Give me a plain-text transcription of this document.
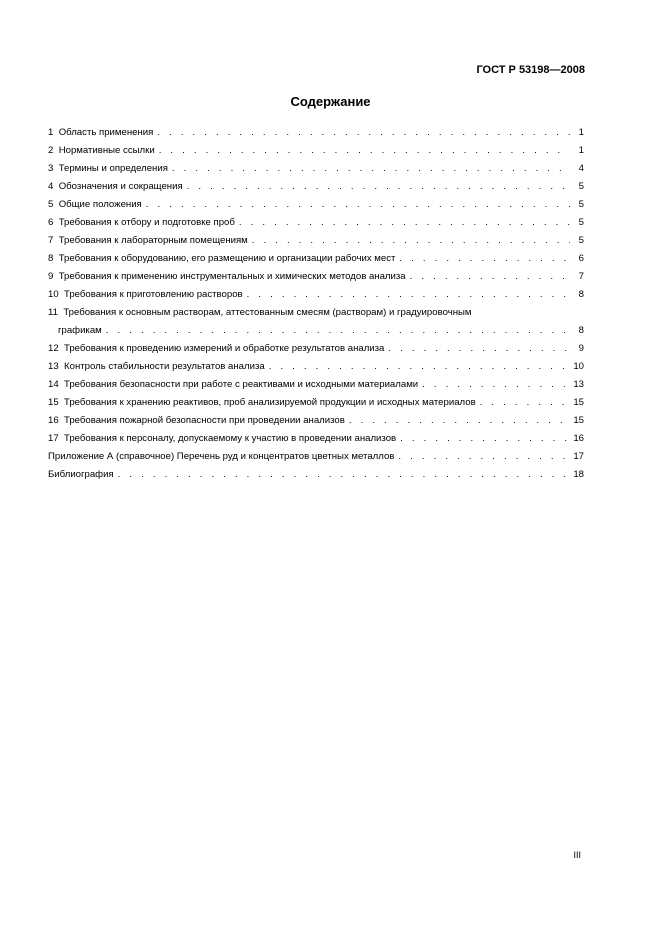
ГОСТ Р 53198—2008
Содержание
1 Область применения . . .	1
2 Нормативные ссылки . . .	1
3 Термины и определения . . .	4
4 Обозначения и сокращения . . .	5
5 Общие положения . . .	5
6 Требования к отбору и подготовке проб . . .	5
7 Требования к лабораторным помещениям . . .	5
8 Требования к оборудованию, его размещению и организации рабочих мест . . .	6
9 Требования к применению инструментальных и химических методов анализа . . .	7
10 Требования к приготовлению растворов . . .	8
11 Требования к основным растворам, аттестованным смесям (растворам) и градуировочным
графикам . . .	8
12 Требования к проведению измерений и обработке результатов анализа . . .	9
13 Контроль стабильности результатов анализа . . .	10
14 Требования безопасности при работе с реактивами и исходными материалами . . .	13
15 Требования к хранению реактивов, проб анализируемой продукции и исходных материалов . . .	15
16 Требования пожарной безопасности при проведении анализов . . .	15
17 Требования к персоналу, допускаемому к участию в проведении анализов . . .	16
Приложение А (справочное) Перечень руд и концентратов цветных металлов . . .	17
Библиография . . .	18
III
